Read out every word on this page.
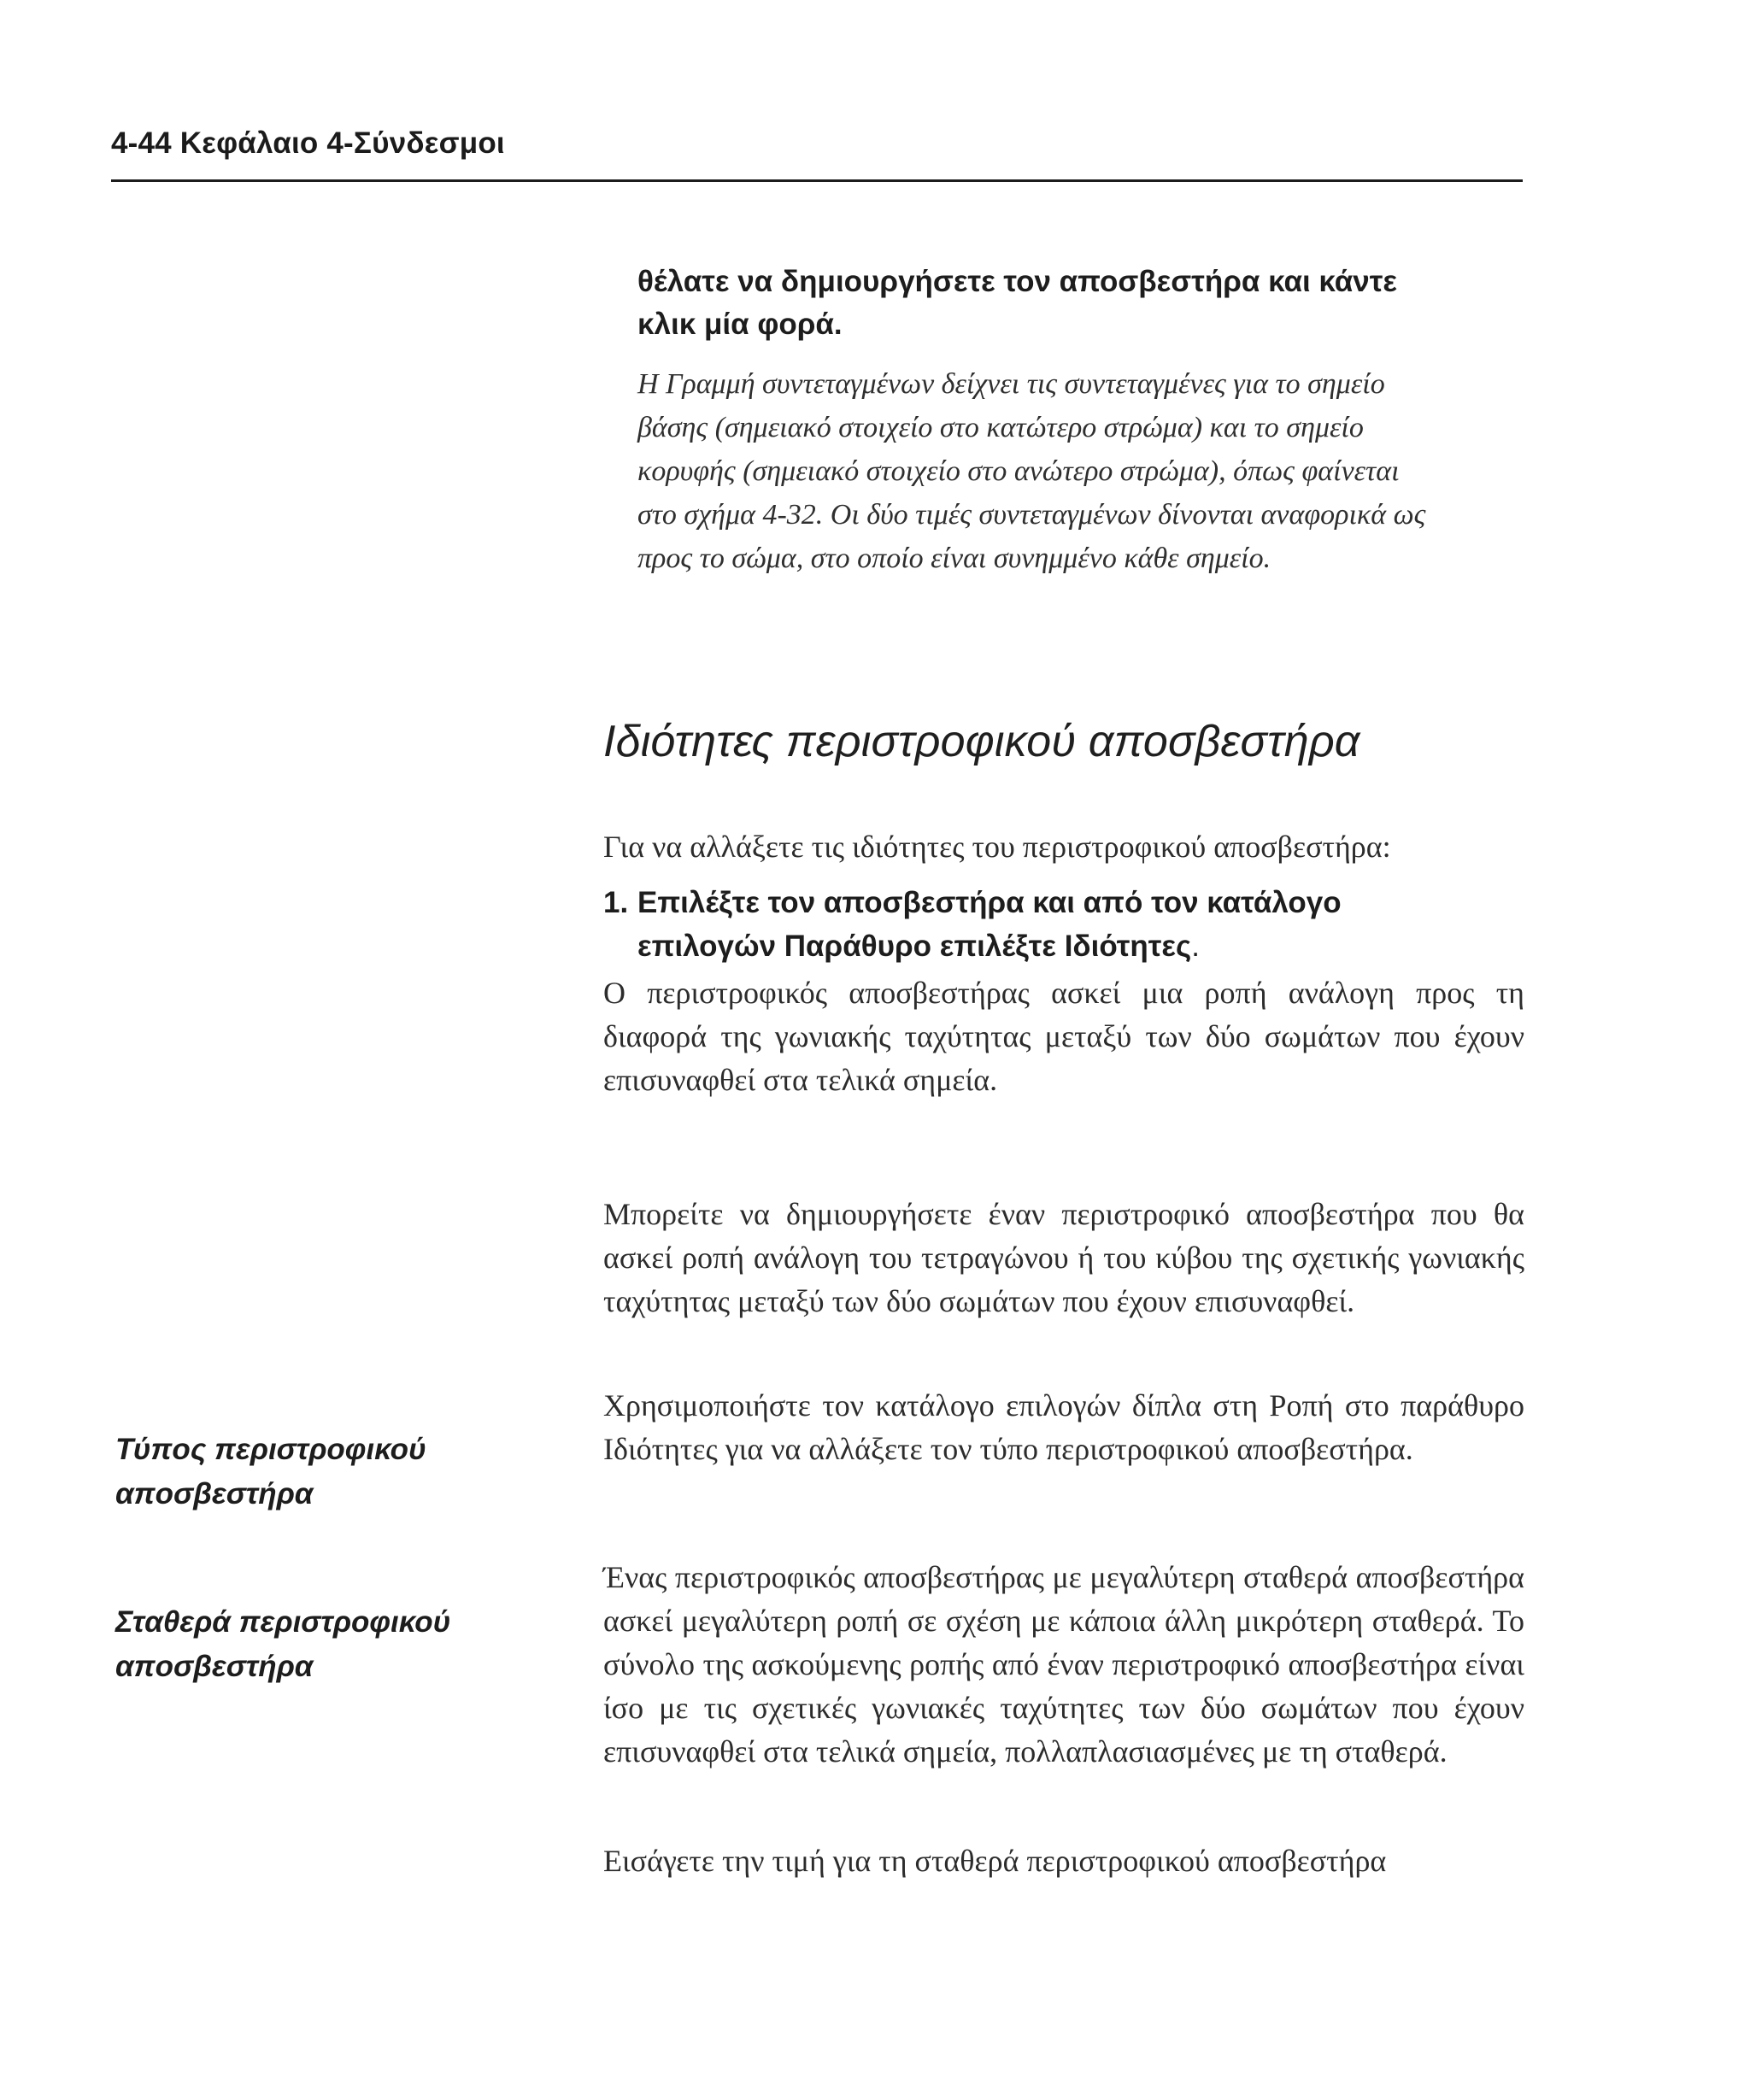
4-44 Κεφάλαιο 4-Σύνδεσμοι
θέλατε να δημιουργήσετε τον αποσβεστήρα και κάντε
κλικ μία φορά.
Η Γραμμή συντεταγμένων δείχνει τις συντεταγμένες για το σημείο
βάσης (σημειακό στοιχείο στο κατώτερο στρώμα) και το σημείο
κορυφής (σημειακό στοιχείο στο ανώτερο στρώμα), όπως φαίνεται
στο σχήμα 4-32. Οι δύο τιμές συντεταγμένων δίνονται αναφορικά ως
προς το σώμα, στο οποίο είναι συνημμένο κάθε σημείο.
Ιδιότητες περιστροφικού αποσβεστήρα
Για να αλλάξετε τις ιδιότητες του περιστροφικού αποσβεστήρα:
1. Επιλέξτε τον αποσβεστήρα και από τον κατάλογο
επιλογών Παράθυρο επιλέξτε Ιδιότητες.
Ο περιστροφικός αποσβεστήρας ασκεί μια ροπή ανάλογη προς τη διαφορά της γωνιακής ταχύτητας μεταξύ των δύο σωμάτων που έχουν επισυναφθεί στα τελικά σημεία.
Μπορείτε να δημιουργήσετε έναν περιστροφικό αποσβεστήρα που θα ασκεί ροπή ανάλογη του τετραγώνου ή του κύβου της σχετικής γωνιακής ταχύτητας μεταξύ των δύο σωμάτων που έχουν επισυναφθεί.
Χρησιμοποιήστε τον κατάλογο επιλογών δίπλα στη Ροπή στο παράθυρο Ιδιότητες για να αλλάξετε τον τύπο περιστροφικού αποσβεστήρα.
Ένας περιστροφικός αποσβεστήρας με μεγαλύτερη σταθερά αποσβεστήρα ασκεί μεγαλύτερη ροπή σε σχέση με κάποια άλλη μικρότερη σταθερά. Το σύνολο της ασκούμενης ροπής από έναν περιστροφικό αποσβεστήρα είναι ίσο με τις σχετικές γωνιακές ταχύτητες των δύο σωμάτων που έχουν επισυναφθεί στα τελικά σημεία, πολλαπλασιασμένες με τη σταθερά.
Εισάγετε την τιμή για τη σταθερά περιστροφικού αποσβεστήρα
Τύπος περιστροφικού
αποσβεστήρα
Σταθερά περιστροφικού
αποσβεστήρα
